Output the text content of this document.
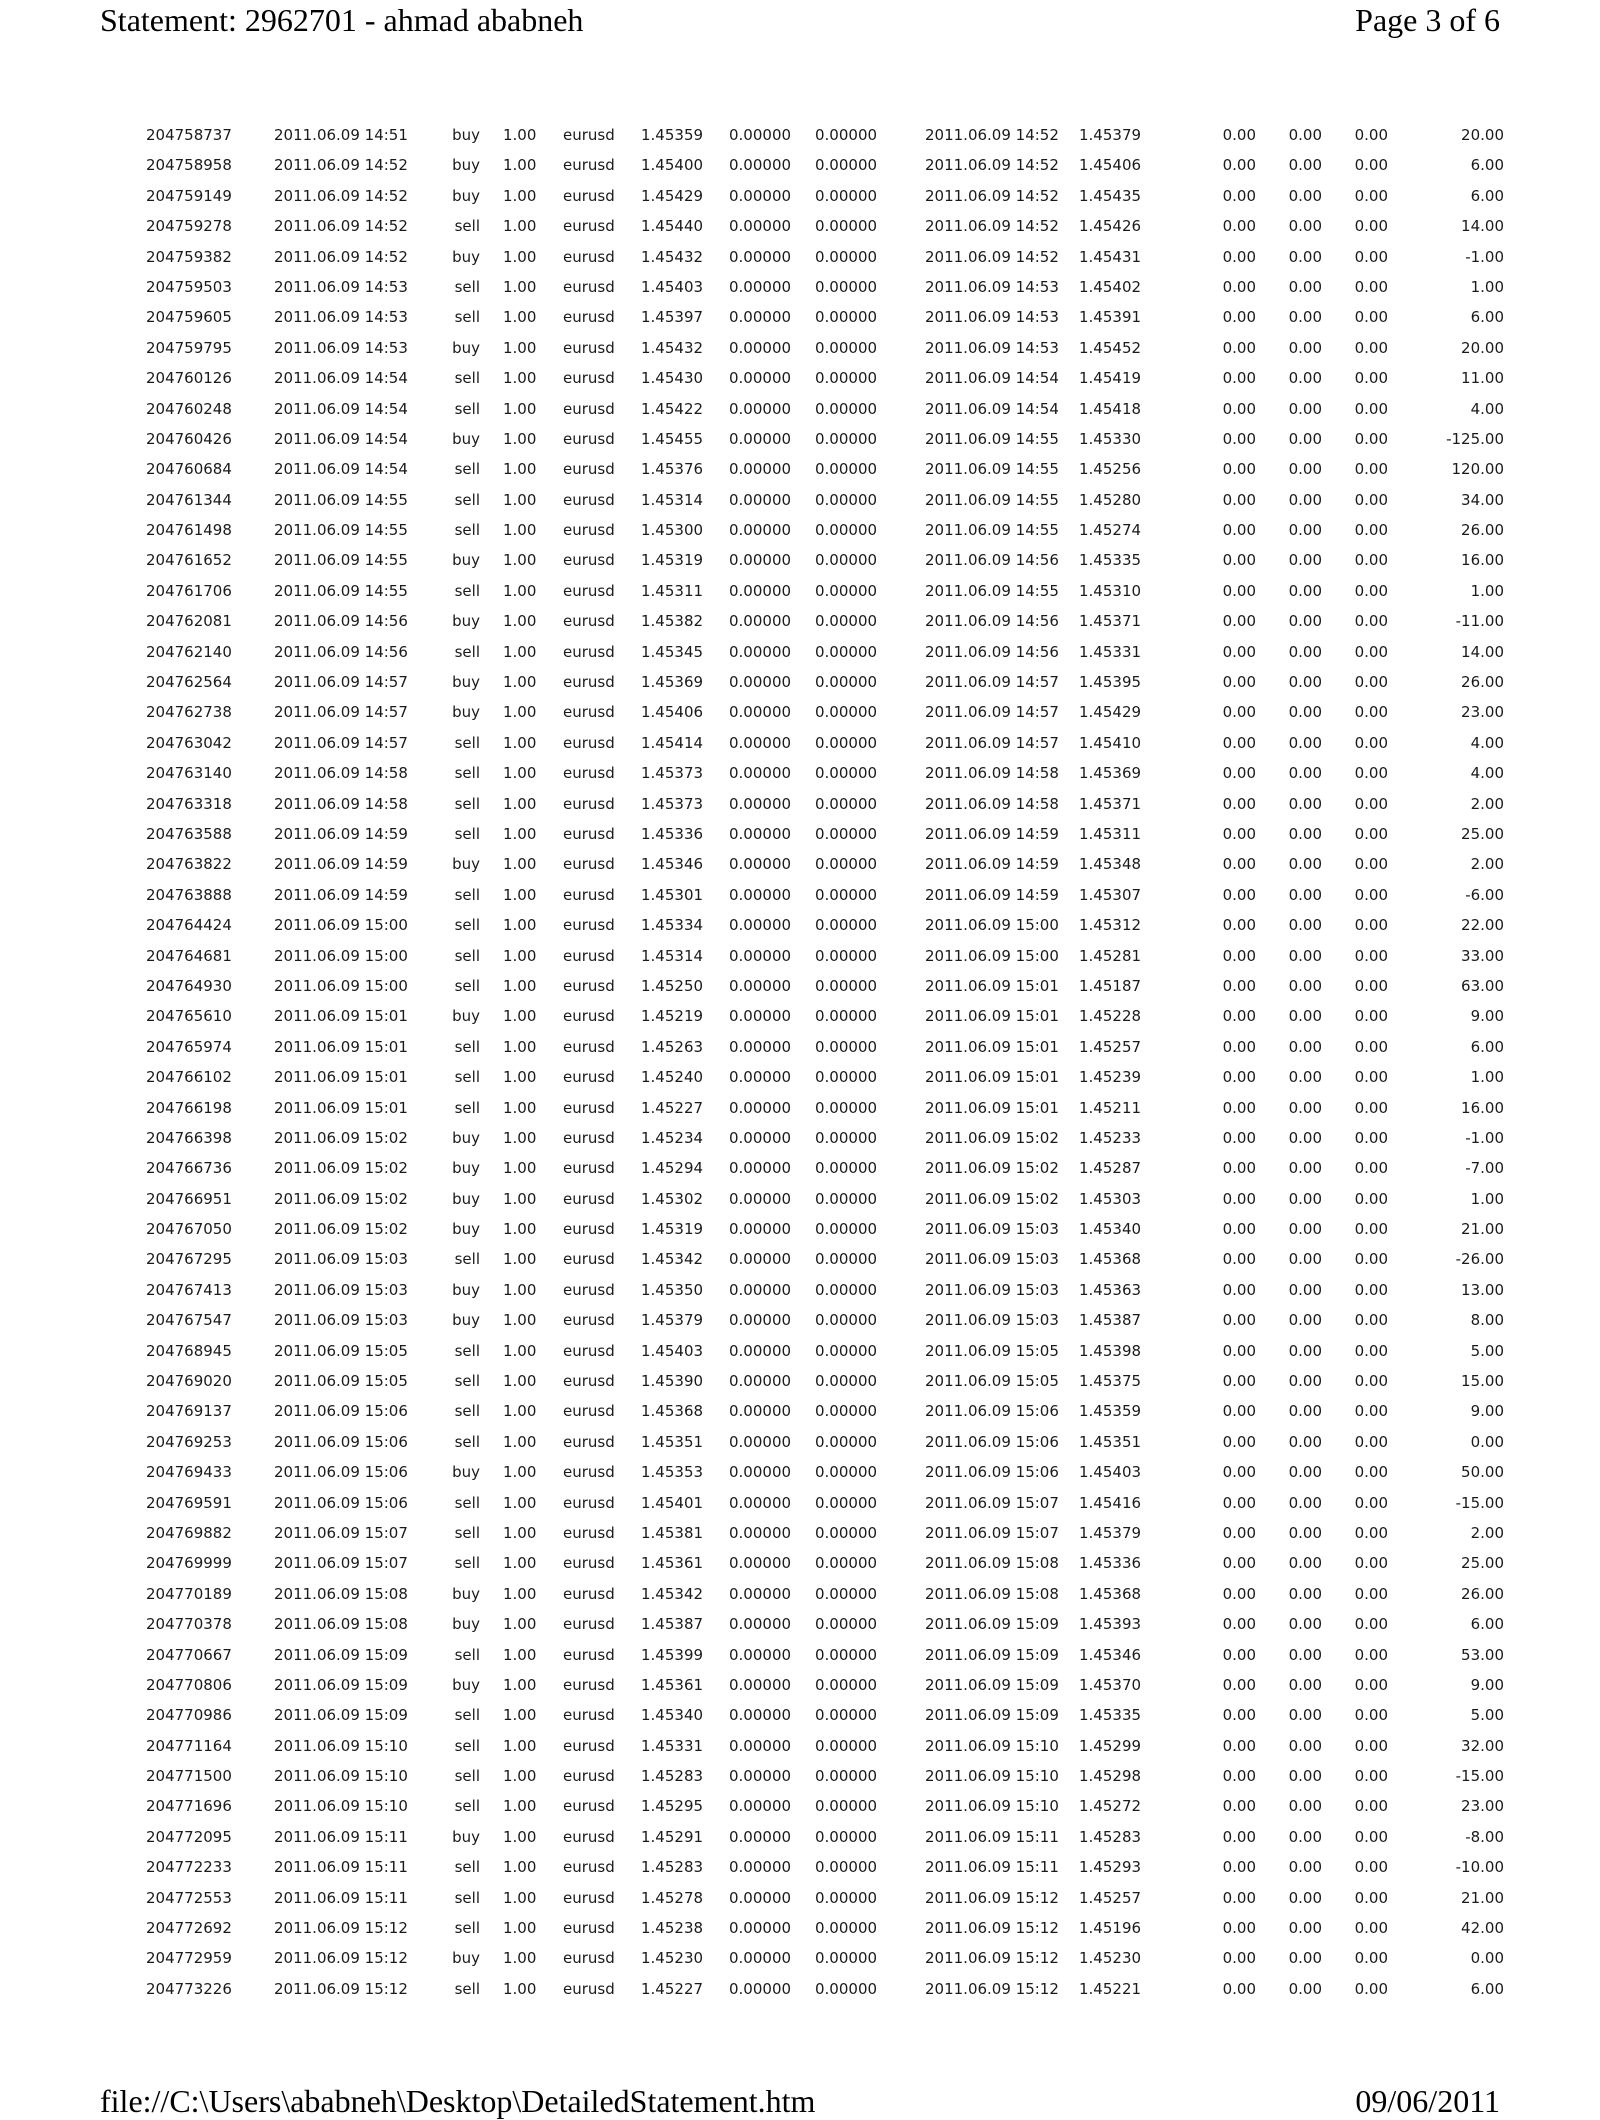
Statement: 2962701 - ahmad ababneh	Page 3 of 6
204758737	2011.06.09 14:51	buy 1.00 eurusd 1.45359 0.00000 0.00000	2011.06.09 14:52 1.45379	0.00 0.00 0.00	20.00
204758958	2011.06.09 14:52	buy 1.00 eurusd 1.45400 0.00000 0.00000	2011.06.09 14:52 1.45406	0.00 0.00 0.00	6.00
204759149	2011.06.09 14:52	buy 1.00 eurusd 1.45429 0.00000 0.00000	2011.06.09 14:52 1.45435	0.00 0.00 0.00	6.00
204759278	2011.06.09 14:52	sell 1.00 eurusd 1.45440 0.00000 0.00000	2011.06.09 14:52 1.45426	0.00 0.00 0.00	14.00
204759382	2011.06.09 14:52	buy 1.00 eurusd 1.45432 0.00000 0.00000	2011.06.09 14:52 1.45431	0.00 0.00 0.00	-1.00
204759503	2011.06.09 14:53	sell 1.00 eurusd 1.45403 0.00000 0.00000	2011.06.09 14:53 1.45402	0.00 0.00 0.00	1.00
204759605	2011.06.09 14:53	sell 1.00 eurusd 1.45397 0.00000 0.00000	2011.06.09 14:53 1.45391	0.00 0.00 0.00	6.00
204759795	2011.06.09 14:53	buy 1.00 eurusd 1.45432 0.00000 0.00000	2011.06.09 14:53 1.45452	0.00 0.00 0.00	20.00
204760126	2011.06.09 14:54	sell 1.00 eurusd 1.45430 0.00000 0.00000	2011.06.09 14:54 1.45419	0.00 0.00 0.00	11.00
204760248	2011.06.09 14:54	sell 1.00 eurusd 1.45422 0.00000 0.00000	2011.06.09 14:54 1.45418	0.00 0.00 0.00	4.00
204760426	2011.06.09 14:54	buy 1.00 eurusd 1.45455 0.00000 0.00000	2011.06.09 14:55 1.45330	0.00 0.00 0.00	-125.00
204760684	2011.06.09 14:54	sell 1.00 eurusd 1.45376 0.00000 0.00000	2011.06.09 14:55 1.45256	0.00 0.00 0.00	120.00
204761344	2011.06.09 14:55	sell 1.00 eurusd 1.45314 0.00000 0.00000	2011.06.09 14:55 1.45280	0.00 0.00 0.00	34.00
204761498	2011.06.09 14:55	sell 1.00 eurusd 1.45300 0.00000 0.00000	2011.06.09 14:55 1.45274	0.00 0.00 0.00	26.00
204761652	2011.06.09 14:55	buy 1.00 eurusd 1.45319 0.00000 0.00000	2011.06.09 14:56 1.45335	0.00 0.00 0.00	16.00
204761706	2011.06.09 14:55	sell 1.00 eurusd 1.45311 0.00000 0.00000	2011.06.09 14:55 1.45310	0.00 0.00 0.00	1.00
204762081	2011.06.09 14:56	buy 1.00 eurusd 1.45382 0.00000 0.00000	2011.06.09 14:56 1.45371	0.00 0.00 0.00	-11.00
204762140	2011.06.09 14:56	sell 1.00 eurusd 1.45345 0.00000 0.00000	2011.06.09 14:56 1.45331	0.00 0.00 0.00	14.00
204762564	2011.06.09 14:57	buy 1.00 eurusd 1.45369 0.00000 0.00000	2011.06.09 14:57 1.45395	0.00 0.00 0.00	26.00
204762738	2011.06.09 14:57	buy 1.00 eurusd 1.45406 0.00000 0.00000	2011.06.09 14:57 1.45429	0.00 0.00 0.00	23.00
204763042	2011.06.09 14:57	sell 1.00 eurusd 1.45414 0.00000 0.00000	2011.06.09 14:57 1.45410	0.00 0.00 0.00	4.00
204763140	2011.06.09 14:58	sell 1.00 eurusd 1.45373 0.00000 0.00000	2011.06.09 14:58 1.45369	0.00 0.00 0.00	4.00
204763318	2011.06.09 14:58	sell 1.00 eurusd 1.45373 0.00000 0.00000	2011.06.09 14:58 1.45371	0.00 0.00 0.00	2.00
204763588	2011.06.09 14:59	sell 1.00 eurusd 1.45336 0.00000 0.00000	2011.06.09 14:59 1.45311	0.00 0.00 0.00	25.00
204763822	2011.06.09 14:59	buy 1.00 eurusd 1.45346 0.00000 0.00000	2011.06.09 14:59 1.45348	0.00 0.00 0.00	2.00
204763888	2011.06.09 14:59	sell 1.00 eurusd 1.45301 0.00000 0.00000	2011.06.09 14:59 1.45307	0.00 0.00 0.00	-6.00
204764424	2011.06.09 15:00	sell 1.00 eurusd 1.45334 0.00000 0.00000	2011.06.09 15:00 1.45312	0.00 0.00 0.00	22.00
204764681	2011.06.09 15:00	sell 1.00 eurusd 1.45314 0.00000 0.00000	2011.06.09 15:00 1.45281	0.00 0.00 0.00	33.00
204764930	2011.06.09 15:00	sell 1.00 eurusd 1.45250 0.00000 0.00000	2011.06.09 15:01 1.45187	0.00 0.00 0.00	63.00
204765610	2011.06.09 15:01	buy 1.00 eurusd 1.45219 0.00000 0.00000	2011.06.09 15:01 1.45228	0.00 0.00 0.00	9.00
204765974	2011.06.09 15:01	sell 1.00 eurusd 1.45263 0.00000 0.00000	2011.06.09 15:01 1.45257	0.00 0.00 0.00	6.00
204766102	2011.06.09 15:01	sell 1.00 eurusd 1.45240 0.00000 0.00000	2011.06.09 15:01 1.45239	0.00 0.00 0.00	1.00
204766198	2011.06.09 15:01	sell 1.00 eurusd 1.45227 0.00000 0.00000	2011.06.09 15:01 1.45211	0.00 0.00 0.00	16.00
204766398	2011.06.09 15:02	buy 1.00 eurusd 1.45234 0.00000 0.00000	2011.06.09 15:02 1.45233	0.00 0.00 0.00	-1.00
204766736	2011.06.09 15:02	buy 1.00 eurusd 1.45294 0.00000 0.00000	2011.06.09 15:02 1.45287	0.00 0.00 0.00	-7.00
204766951	2011.06.09 15:02	buy 1.00 eurusd 1.45302 0.00000 0.00000	2011.06.09 15:02 1.45303	0.00 0.00 0.00	1.00
204767050	2011.06.09 15:02	buy 1.00 eurusd 1.45319 0.00000 0.00000	2011.06.09 15:03 1.45340	0.00 0.00 0.00	21.00
204767295	2011.06.09 15:03	sell 1.00 eurusd 1.45342 0.00000 0.00000	2011.06.09 15:03 1.45368	0.00 0.00 0.00	-26.00
204767413	2011.06.09 15:03	buy 1.00 eurusd 1.45350 0.00000 0.00000	2011.06.09 15:03 1.45363	0.00 0.00 0.00	13.00
204767547	2011.06.09 15:03	buy 1.00 eurusd 1.45379 0.00000 0.00000	2011.06.09 15:03 1.45387	0.00 0.00 0.00	8.00
204768945	2011.06.09 15:05	sell 1.00 eurusd 1.45403 0.00000 0.00000	2011.06.09 15:05 1.45398	0.00 0.00 0.00	5.00
204769020	2011.06.09 15:05	sell 1.00 eurusd 1.45390 0.00000 0.00000	2011.06.09 15:05 1.45375	0.00 0.00 0.00	15.00
204769137	2011.06.09 15:06	sell 1.00 eurusd 1.45368 0.00000 0.00000	2011.06.09 15:06 1.45359	0.00 0.00 0.00	9.00
204769253	2011.06.09 15:06	sell 1.00 eurusd 1.45351 0.00000 0.00000	2011.06.09 15:06 1.45351	0.00 0.00 0.00	0.00
204769433	2011.06.09 15:06	buy 1.00 eurusd 1.45353 0.00000 0.00000	2011.06.09 15:06 1.45403	0.00 0.00 0.00	50.00
204769591	2011.06.09 15:06	sell 1.00 eurusd 1.45401 0.00000 0.00000	2011.06.09 15:07 1.45416	0.00 0.00 0.00	-15.00
204769882	2011.06.09 15:07	sell 1.00 eurusd 1.45381 0.00000 0.00000	2011.06.09 15:07 1.45379	0.00 0.00 0.00	2.00
204769999	2011.06.09 15:07	sell 1.00 eurusd 1.45361 0.00000 0.00000	2011.06.09 15:08 1.45336	0.00 0.00 0.00	25.00
204770189	2011.06.09 15:08	buy 1.00 eurusd 1.45342 0.00000 0.00000	2011.06.09 15:08 1.45368	0.00 0.00 0.00	26.00
204770378	2011.06.09 15:08	buy 1.00 eurusd 1.45387 0.00000 0.00000	2011.06.09 15:09 1.45393	0.00 0.00 0.00	6.00
204770667	2011.06.09 15:09	sell 1.00 eurusd 1.45399 0.00000 0.00000	2011.06.09 15:09 1.45346	0.00 0.00 0.00	53.00
204770806	2011.06.09 15:09	buy 1.00 eurusd 1.45361 0.00000 0.00000	2011.06.09 15:09 1.45370	0.00 0.00 0.00	9.00
204770986	2011.06.09 15:09	sell 1.00 eurusd 1.45340 0.00000 0.00000	2011.06.09 15:09 1.45335	0.00 0.00 0.00	5.00
204771164	2011.06.09 15:10	sell 1.00 eurusd 1.45331 0.00000 0.00000	2011.06.09 15:10 1.45299	0.00 0.00 0.00	32.00
204771500	2011.06.09 15:10	sell 1.00 eurusd 1.45283 0.00000 0.00000	2011.06.09 15:10 1.45298	0.00 0.00 0.00	-15.00
204771696	2011.06.09 15:10	sell 1.00 eurusd 1.45295 0.00000 0.00000	2011.06.09 15:10 1.45272	0.00 0.00 0.00	23.00
204772095	2011.06.09 15:11	buy 1.00 eurusd 1.45291 0.00000 0.00000	2011.06.09 15:11 1.45283	0.00 0.00 0.00	-8.00
204772233	2011.06.09 15:11	sell 1.00 eurusd 1.45283 0.00000 0.00000	2011.06.09 15:11 1.45293	0.00 0.00 0.00	-10.00
204772553	2011.06.09 15:11	sell 1.00 eurusd 1.45278 0.00000 0.00000	2011.06.09 15:12 1.45257	0.00 0.00 0.00	21.00
204772692	2011.06.09 15:12	sell 1.00 eurusd 1.45238 0.00000 0.00000	2011.06.09 15:12 1.45196	0.00 0.00 0.00	42.00
204772959	2011.06.09 15:12	buy 1.00 eurusd 1.45230 0.00000 0.00000	2011.06.09 15:12 1.45230	0.00 0.00 0.00	0.00
204773226	2011.06.09 15:12	sell 1.00 eurusd 1.45227 0.00000 0.00000	2011.06.09 15:12 1.45221	0.00 0.00 0.00	6.00
file://C:\Users\ababneh\Desktop\DetailedStatement.htm	09/06/2011
